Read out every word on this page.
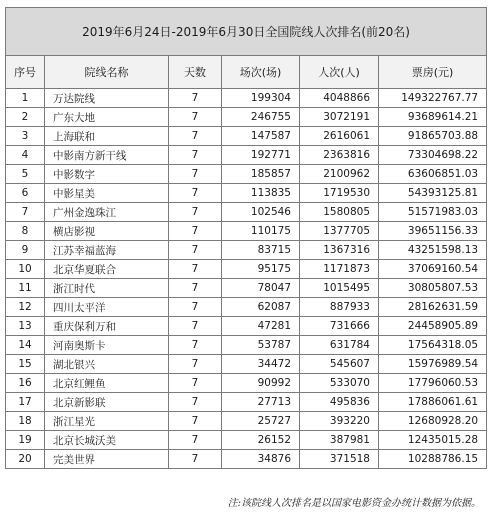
2019年6月24日-2019年6月30日全国院线人次排名(前20名)					
序号	院线名称	天数	场次(场)	人次(人)	票房(元)
1	万达院线	7	199304	4048866	149322767.77
2	广东大地	7	246755	3072191	93689614.21
3	上海联和	7	147587	2616061	91865703.88
4	中影南方新干线	7	192771	2363816	73304698.22
5	中影数字	7	185857	2100962	63606851.03
6	中影星美	7	113835	1719530	54393125.81
7	广州金逸珠江	7	102546	1580805	51571983.03
8	横店影视	7	110175	1377705	39651156.33
9	江苏幸福蓝海	7	83715	1367316	43251598.13
10	北京华夏联合	7	95175	1171873	37069160.54
11	浙江时代	7	78047	1015495	30805807.53
12	四川太平洋	7	62087	887933	28162631.59
13	重庆保利万和	7	47281	731666	24458905.89
14	河南奥斯卡	7	53787	631784	17564318.05
15	湖北银兴	7	34472	545607	15976989.54
16	北京红鲤鱼	7	90992	533070	17796060.53
17	北京新影联	7	27713	495836	17886061.61
18	浙江星光	7	25727	393220	12680928.20
19	北京长城沃美	7	26152	387981	12435015.28
20	完美世界	7	34876	371518	10288786.15
注:该院线人次排名是以国家电影资金办统计数据为依据。
